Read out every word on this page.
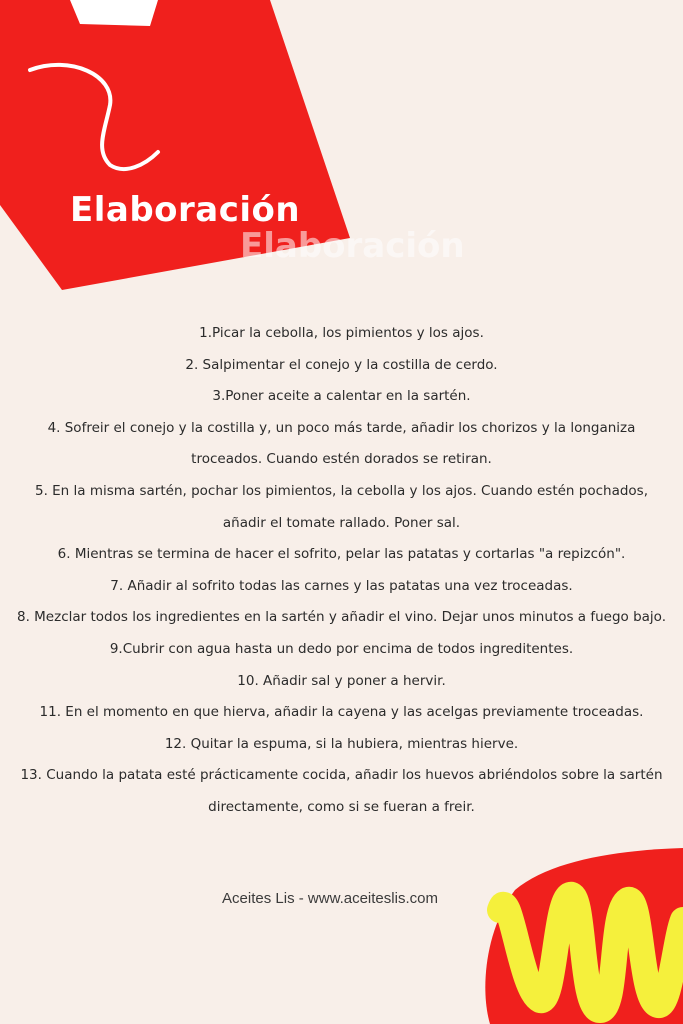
Elaboración
Elaboración

1.Picar la cebolla, los pimientos y los ajos.

2. Salpimentar el conejo y la costilla de cerdo.

3.Poner aceite a calentar en la sartén.

4. Sofreir el conejo y la costilla y, un poco más tarde, añadir los chorizos y la longaniza troceados. Cuando estén dorados se retiran.

5. En la misma sartén, pochar los pimientos, la cebolla y los ajos. Cuando estén pochados, añadir el tomate rallado. Poner sal.

6. Mientras se termina de hacer el sofrito, pelar las patatas y cortarlas "a repizcón".

7. Añadir al sofrito todas las carnes y las patatas una vez troceadas.

8. Mezclar todos los ingredientes en la sartén y añadir el vino. Dejar unos minutos a fuego bajo.

9.Cubrir con agua hasta un dedo por encima de todos ingreditentes.

10. Añadir sal y poner a hervir.

11. En el momento en que hierva, añadir la cayena y las acelgas previamente troceadas.

12. Quitar la espuma, si la hubiera, mientras hierve.

13. Cuando la patata esté prácticamente cocida, añadir los huevos abriéndolos sobre la sartén directamente, como si se fueran a freir.

Aceites Lis - www.aceiteslis.com
